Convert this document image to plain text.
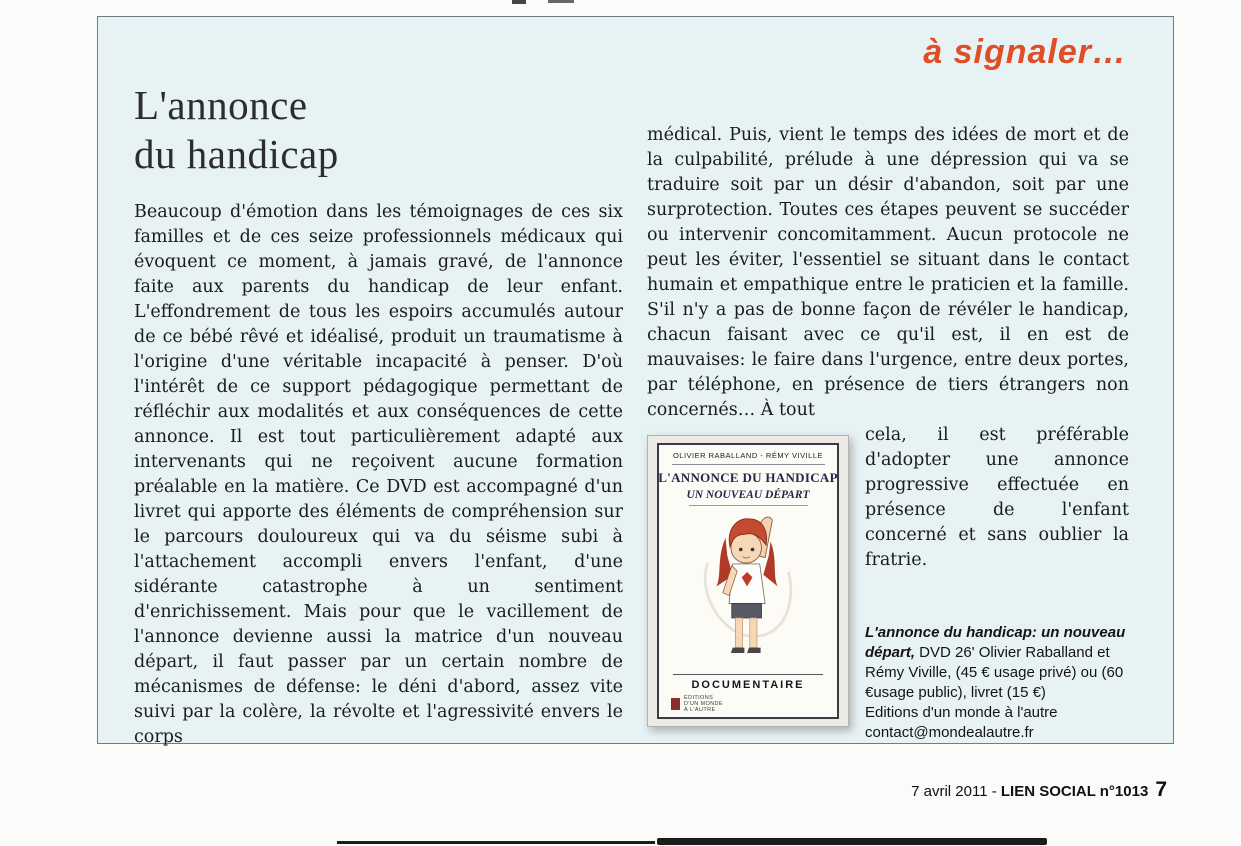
à signaler…
L'annonce
du handicap

Beaucoup d'émotion dans les témoignages de ces six familles et de ces seize professionnels médicaux qui évoquent ce moment, à jamais gravé, de l'annonce faite aux parents du handicap de leur enfant. L'effondrement de tous les espoirs accumulés autour de ce bébé rêvé et idéalisé, produit un traumatisme à l'origine d'une véritable incapacité à penser. D'où l'intérêt de ce support pédagogique permettant de réfléchir aux modalités et aux conséquences de cette annonce. Il est tout particulièrement adapté aux intervenants qui ne reçoivent aucune formation préalable en la matière. Ce DVD est accompagné d'un livret qui apporte des éléments de compréhension sur le parcours douloureux qui va du séisme subi à l'attachement accompli envers l'enfant, d'une sidérante catastrophe à un sentiment d'enrichissement. Mais pour que le vacillement de l'annonce devienne aussi la matrice d'un nouveau départ, il faut passer par un certain nombre de mécanismes de défense: le déni d'abord, assez vite suivi par la colère, la révolte et l'agressivité envers le corps

médical. Puis, vient le temps des idées de mort et de la culpabilité, prélude à une dépression qui va se traduire soit par un désir d'abandon, soit par une surprotection. Toutes ces étapes peuvent se succéder ou intervenir concomitamment. Aucun protocole ne peut les éviter, l'essentiel se situant dans le contact humain et empathique entre le praticien et la famille. S'il n'y a pas de bonne façon de révéler le handicap, chacun faisant avec ce qu'il est, il en est de mauvaises: le faire dans l'urgence, entre deux portes, par téléphone, en présence de tiers étrangers non concernés… À tout

OLIVIER RABALLAND - RÉMY VIVILLE
L'ANNONCE DU HANDICAP
UN NOUVEAU DÉPART
DOCUMENTAIRE
ÉDITIONS
D'UN MONDE
À L'AUTRE

cela, il est préférable d'adopter une annonce progressive effectuée en présence de l'enfant concerné et sans oublier la fratrie.

L'annonce du handicap: un nouveau départ, DVD 26' Olivier Raballand et Rémy Viville, (45 € usage privé) ou (60 €usage public), livret (15 €)
Editions d'un monde à l'autre
contact@mondealautre.fr
7 avril 2011 - LIEN SOCIAL n°1013 7
